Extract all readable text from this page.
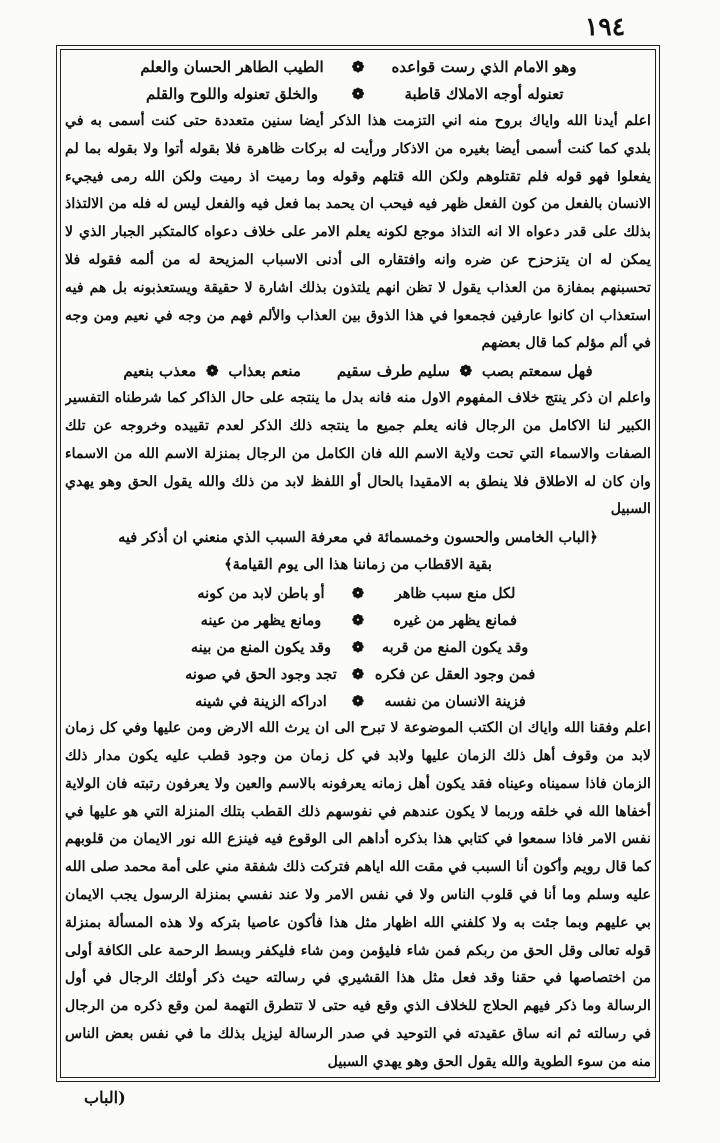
١٩٤
وهو الامام الذي رست قواعده
❁
الطيب الطاهر الحسان والعلم
تعنوله أوجه الاملاك قاطبة
❁
والخلق تعنوله واللوح والقلم

اعلم أيدنا الله واياك بروح منه اني التزمت هذا الذكر أيضا سنين متعددة حتى كنت أسمى به في بلدي كما كنت أسمى أيضا بغيره من الاذكار ورأيت له بركات ظاهرة فلا بقوله أتوا ولا بقوله بما لم يفعلوا فهو قوله فلم تقتلوهم ولكن الله قتلهم وقوله وما رميت اذ رميت ولكن الله رمى فيجيء الانسان بالفعل من كون الفعل ظهر فيه فيحب ان يحمد بما فعل فيه والفعل ليس له فله من الالتذاذ بذلك على قدر دعواه الا انه التذاذ موجع لكونه يعلم الامر على خلاف دعواه كالمتكبر الجبار الذي لا يمكن له ان يتزحزح عن ضره وانه وافتقاره الى أدنى الاسباب المزيحة له من ألمه فقوله فلا تحسبنهم بمفازة من العذاب يقول لا تظن انهم يلتذون بذلك اشارة لا حقيقة ويستعذبونه بل هم فيه استعذاب ان كانوا عارفين فجمعوا في هذا الذوق بين العذاب والألم فهم من وجه في نعيم ومن وجه في ألم مؤلم كما قال بعضهم

فهل سمعتم بصب
❁
سليم طرف سقيم
منعم بعذاب
❁
معذب بنعيم

واعلم ان ذكر ينتج خلاف المفهوم الاول منه فانه بدل ما ينتجه على حال الذاكر كما شرطناه التفسير الكبير لنا الاكامل من الرجال فانه يعلم جميع ما ينتجه ذلك الذكر لعدم تقييده وخروجه عن تلك الصفات والاسماء التي تحت ولاية الاسم الله فان الكامل من الرجال بمنزلة الاسم الله من الاسماء وان كان له الاطلاق فلا ينطق به الامقيدا بالحال أو اللفظ لابد من ذلك والله يقول الحق وهو يهدي السبيل

﴿الباب الخامس والحسون وخمسمائة في معرفة السبب الذي منعني ان أذكر فيه

بقية الاقطاب من زماننا هذا الى يوم القيامة﴾

لكل منع سبب ظاهر
❁
أو باطن لابد من كونه
فمانع يظهر من غيره
❁
ومانع يظهر من عينه
وقد يكون المنع من قربه
❁
وقد يكون المنع من بينه
فمن وجود العقل عن فكره
❁
تجد وجود الحق في صونه
فزينة الانسان من نفسه
❁
ادراكه الزينة في شينه

اعلم وفقنا الله واياك ان الكتب الموضوعة لا تبرح الى ان يرث الله الارض ومن عليها وفي كل زمان لابد من وقوف أهل ذلك الزمان عليها ولابد في كل زمان من وجود قطب عليه يكون مدار ذلك الزمان فاذا سميناه وعيناه فقد يكون أهل زمانه يعرفونه بالاسم والعين ولا يعرفون رتبته فان الولاية أخفاها الله في خلقه وربما لا يكون عندهم في نفوسهم ذلك القطب بتلك المنزلة التي هو عليها في نفس الامر فاذا سمعوا في كتابي هذا بذكره أداهم الى الوقوع فيه فينزع الله نور الايمان من قلوبهم كما قال رويم وأكون أنا السبب في مقت الله اياهم فتركت ذلك شفقة مني على أمة محمد صلى الله عليه وسلم وما أنا في قلوب الناس ولا في نفس الامر ولا عند نفسي بمنزلة الرسول يجب الايمان بي عليهم وبما جئت به ولا كلفني الله اظهار مثل هذا فأكون عاصيا بتركه ولا هذه المسألة بمنزلة قوله تعالى وقل الحق من ربكم فمن شاء فليؤمن ومن شاء فليكفر وبسط الرحمة على الكافة أولى من اختصاصها في حقنا وقد فعل مثل هذا القشيري في رسالته حيث ذكر أولئك الرجال في أول الرسالة وما ذكر فيهم الحلاج للخلاف الذي وقع فيه حتى لا تتطرق التهمة لمن وقع ذكره من الرجال في رسالته ثم انه ساق عقيدته في التوحيد في صدر الرسالة ليزيل بذلك ما في نفس بعض الناس منه من سوء الطوية والله يقول الحق وهو يهدي السبيل

(الباب
